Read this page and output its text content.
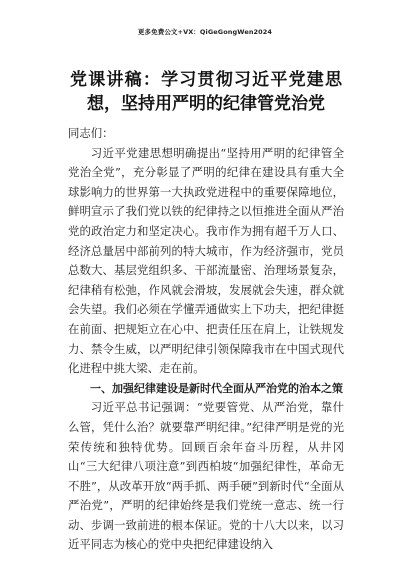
更多免费公文+VX：QiGeGongWen2024
党课讲稿：学习贯彻习近平党建思想，坚持用严明的纪律管党治党

同志们：

习近平党建思想明确提出“坚持用严明的纪律管全党治全党”，充分彰显了严明的纪律在建设具有重大全球影响力的世界第一大执政党进程中的重要保障地位，鲜明宣示了我们党以铁的纪律持之以恒推进全面从严治党的政治定力和坚定决心。我市作为拥有超千万人口、经济总量居中部前列的特大城市，作为经济强市，党员总数大、基层党组织多、干部流量密、治理场景复杂，纪律稍有松弛，作风就会滑坡，发展就会失速，群众就会失望。我们必须在学懂弄通做实上下功夫，把纪律挺在前面、把规矩立在心中、把责任压在肩上，让铁规发力、禁令生威，以严明纪律引领保障我市在中国式现代化进程中挑大梁、走在前。

一、加强纪律建设是新时代全面从严治党的治本之策

习近平总书记强调：“党要管党、从严治党，靠什么管，凭什么治？就要靠严明纪律。”纪律严明是党的光荣传统和独特优势。回顾百余年奋斗历程，从井冈山“三大纪律八项注意”到西柏坡“加强纪律性，革命无不胜”，从改革开放“两手抓、两手硬”到新时代“全面从严治党”，严明的纪律始终是我们党统一意志、统一行动、步调一致前进的根本保证。党的十八大以来，以习近平同志为核心的党中央把纪律建设纳入
